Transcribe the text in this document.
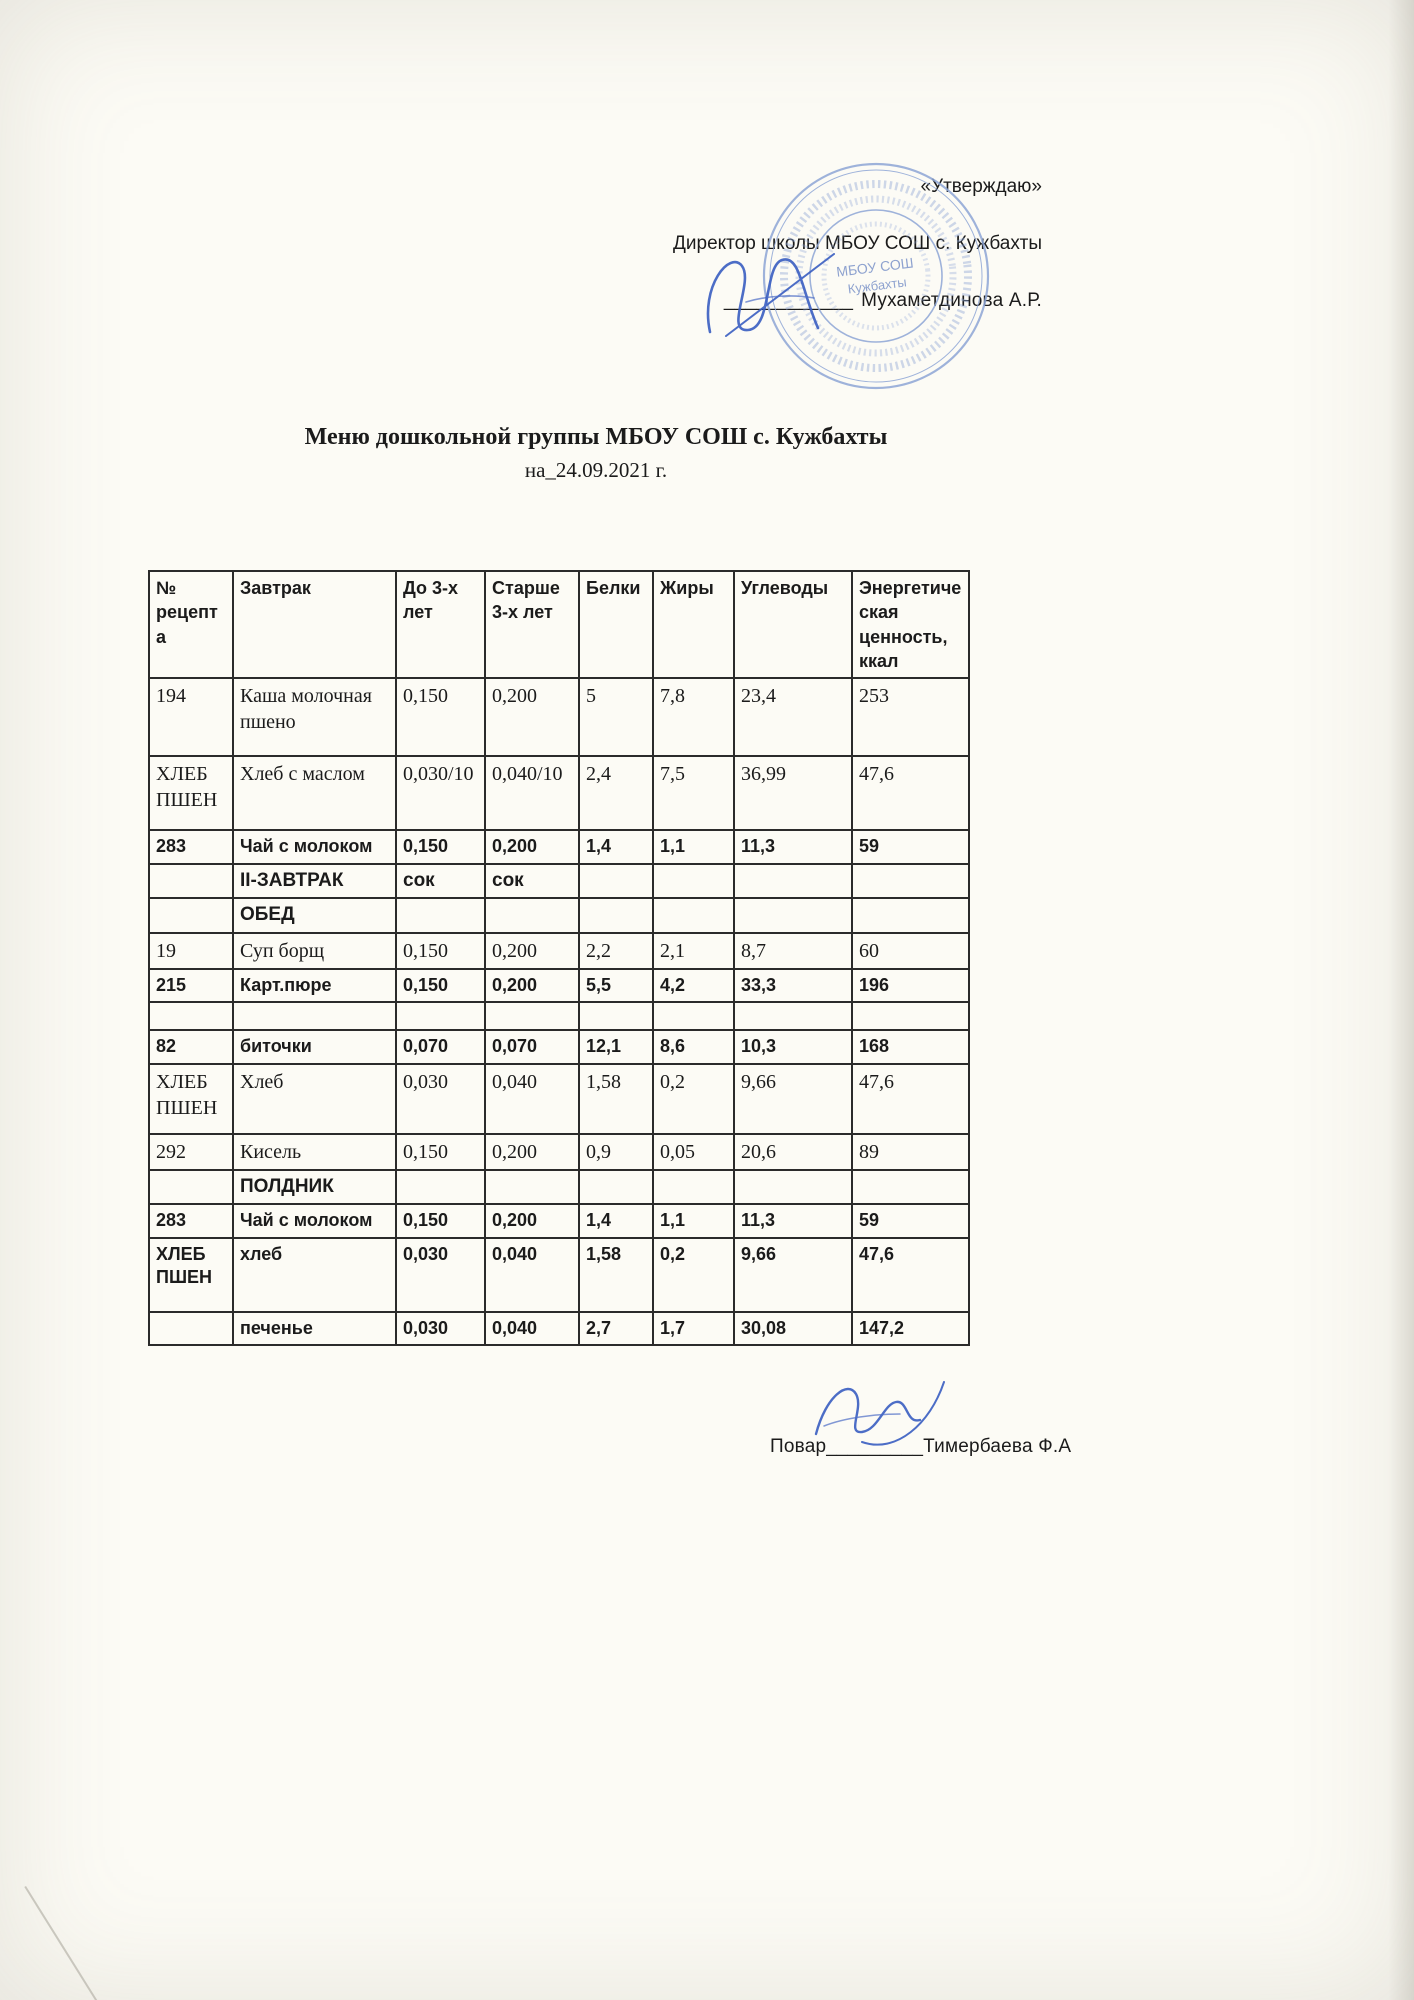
«Утверждаю»
Директор школы МБОУ СОШ с. Кужбахты
____________ Мухаметдинова А.Р.
МБОУ СОШ
Кужбахты
Меню дошкольной группы МБОУ СОШ с. Кужбахты
на_24.09.2021 г.
№ рецепта	Завтрак	До 3-х лет	Старше 3-х лет	Белки	Жиры	Углеводы	Энергетическая ценность, ккал
194	Каша молочная пшено	0,150	0,200	5	7,8	23,4	253
ХЛЕБ ПШЕН	Хлеб с маслом	0,030/10	0,040/10	2,4	7,5	36,99	47,6
283	Чай с молоком	0,150	0,200	1,4	1,1	11,3	59
	II-ЗАВТРАК	сок	сок				
	ОБЕД						
19	Суп борщ	0,150	0,200	2,2	2,1	8,7	60
215	Карт.пюре	0,150	0,200	5,5	4,2	33,3	196

82	биточки	0,070	0,070	12,1	8,6	10,3	168
ХЛЕБ ПШЕН	Хлеб	0,030	0,040	1,58	0,2	9,66	47,6
292	Кисель	0,150	0,200	0,9	0,05	20,6	89
	ПОЛДНИК						
283	Чай с молоком	0,150	0,200	1,4	1,1	11,3	59
ХЛЕБ ПШЕН	хлеб	0,030	0,040	1,58	0,2	9,66	47,6
	печенье	0,030	0,040	2,7	1,7	30,08	147,2
Повар_________Тимербаева Ф.А
